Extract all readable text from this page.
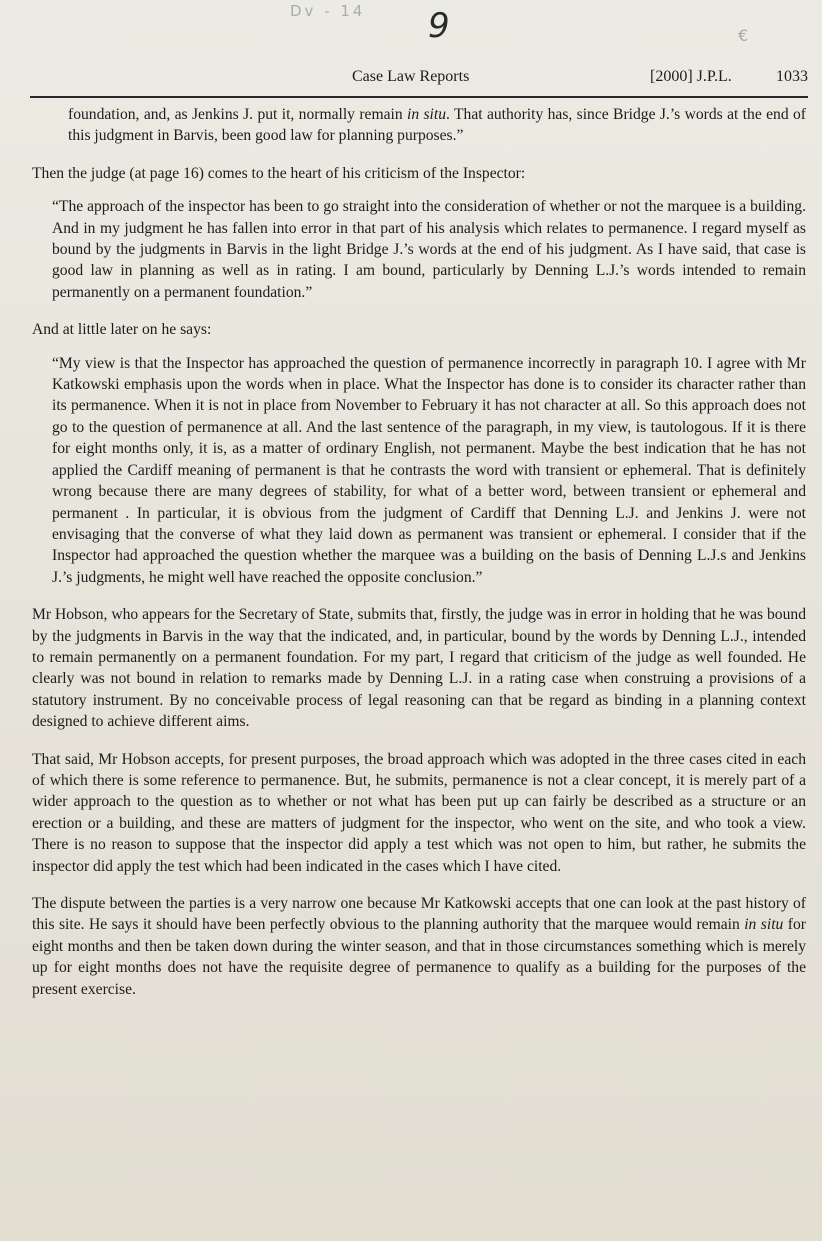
Dv - 14 9	€
Case Law Reports	[2000] J.P.L.	1033

foundation, and, as Jenkins J. put it, normally remain in situ. That authority has, since Bridge J.’s words at the end of this judgment in Barvis, been good law for planning purposes.”

Then the judge (at page 16) comes to the heart of his criticism of the Inspector:

“The approach of the inspector has been to go straight into the consideration of whether or not the marquee is a building. And in my judgment he has fallen into error in that part of his analysis which relates to permanence. I regard myself as bound by the judgments in Barvis in the light Bridge J.’s words at the end of his judgment. As I have said, that case is good law in planning as well as in rating. I am bound, particularly by Denning L.J.’s words intended to remain permanently on a permanent foundation.”

And at little later on he says:

“My view is that the Inspector has approached the question of permanence incorrectly in paragraph 10. I agree with Mr Katkowski emphasis upon the words when in place. What the Inspector has done is to consider its character rather than its permanence. When it is not in place from November to February it has not character at all. So this approach does not go to the question of permanence at all. And the last sentence of the paragraph, in my view, is tautologous. If it is there for eight months only, it is, as a matter of ordinary English, not permanent. Maybe the best indication that he has not applied the Cardiff meaning of permanent is that he contrasts the word with transient or ephemeral. That is definitely wrong because there are many degrees of stability, for what of a better word, between transient or ephemeral and permanent . In particular, it is obvious from the judgment of Cardiff that Denning L.J. and Jenkins J. were not envisaging that the converse of what they laid down as permanent was transient or ephemeral. I consider that if the Inspector had approached the question whether the marquee was a building on the basis of Denning L.J.s and Jenkins J.’s judgments, he might well have reached the opposite conclusion.”

Mr Hobson, who appears for the Secretary of State, submits that, firstly, the judge was in error in holding that he was bound by the judgments in Barvis in the way that the indicated, and, in particular, bound by the words by Denning L.J., intended to remain permanently on a permanent foundation. For my part, I regard that criticism of the judge as well founded. He clearly was not bound in relation to remarks made by Denning L.J. in a rating case when construing a provisions of a statutory instrument. By no conceivable process of legal reasoning can that be regard as binding in a planning context designed to achieve different aims.

That said, Mr Hobson accepts, for present purposes, the broad approach which was adopted in the three cases cited in each of which there is some reference to permanence. But, he submits, permanence is not a clear concept, it is merely part of a wider approach to the question as to whether or not what has been put up can fairly be described as a structure or an erection or a building, and these are matters of judgment for the inspector, who went on the site, and who took a view. There is no reason to suppose that the inspector did apply a test which was not open to him, but rather, he submits the inspector did apply the test which had been indicated in the cases which I have cited.

The dispute between the parties is a very narrow one because Mr Katkowski accepts that one can look at the past history of this site. He says it should have been perfectly obvious to the planning authority that the marquee would remain in situ for eight months and then be taken down during the winter season, and that in those circumstances something which is merely up for eight months does not have the requisite degree of permanence to qualify as a building for the purposes of the present exercise.
